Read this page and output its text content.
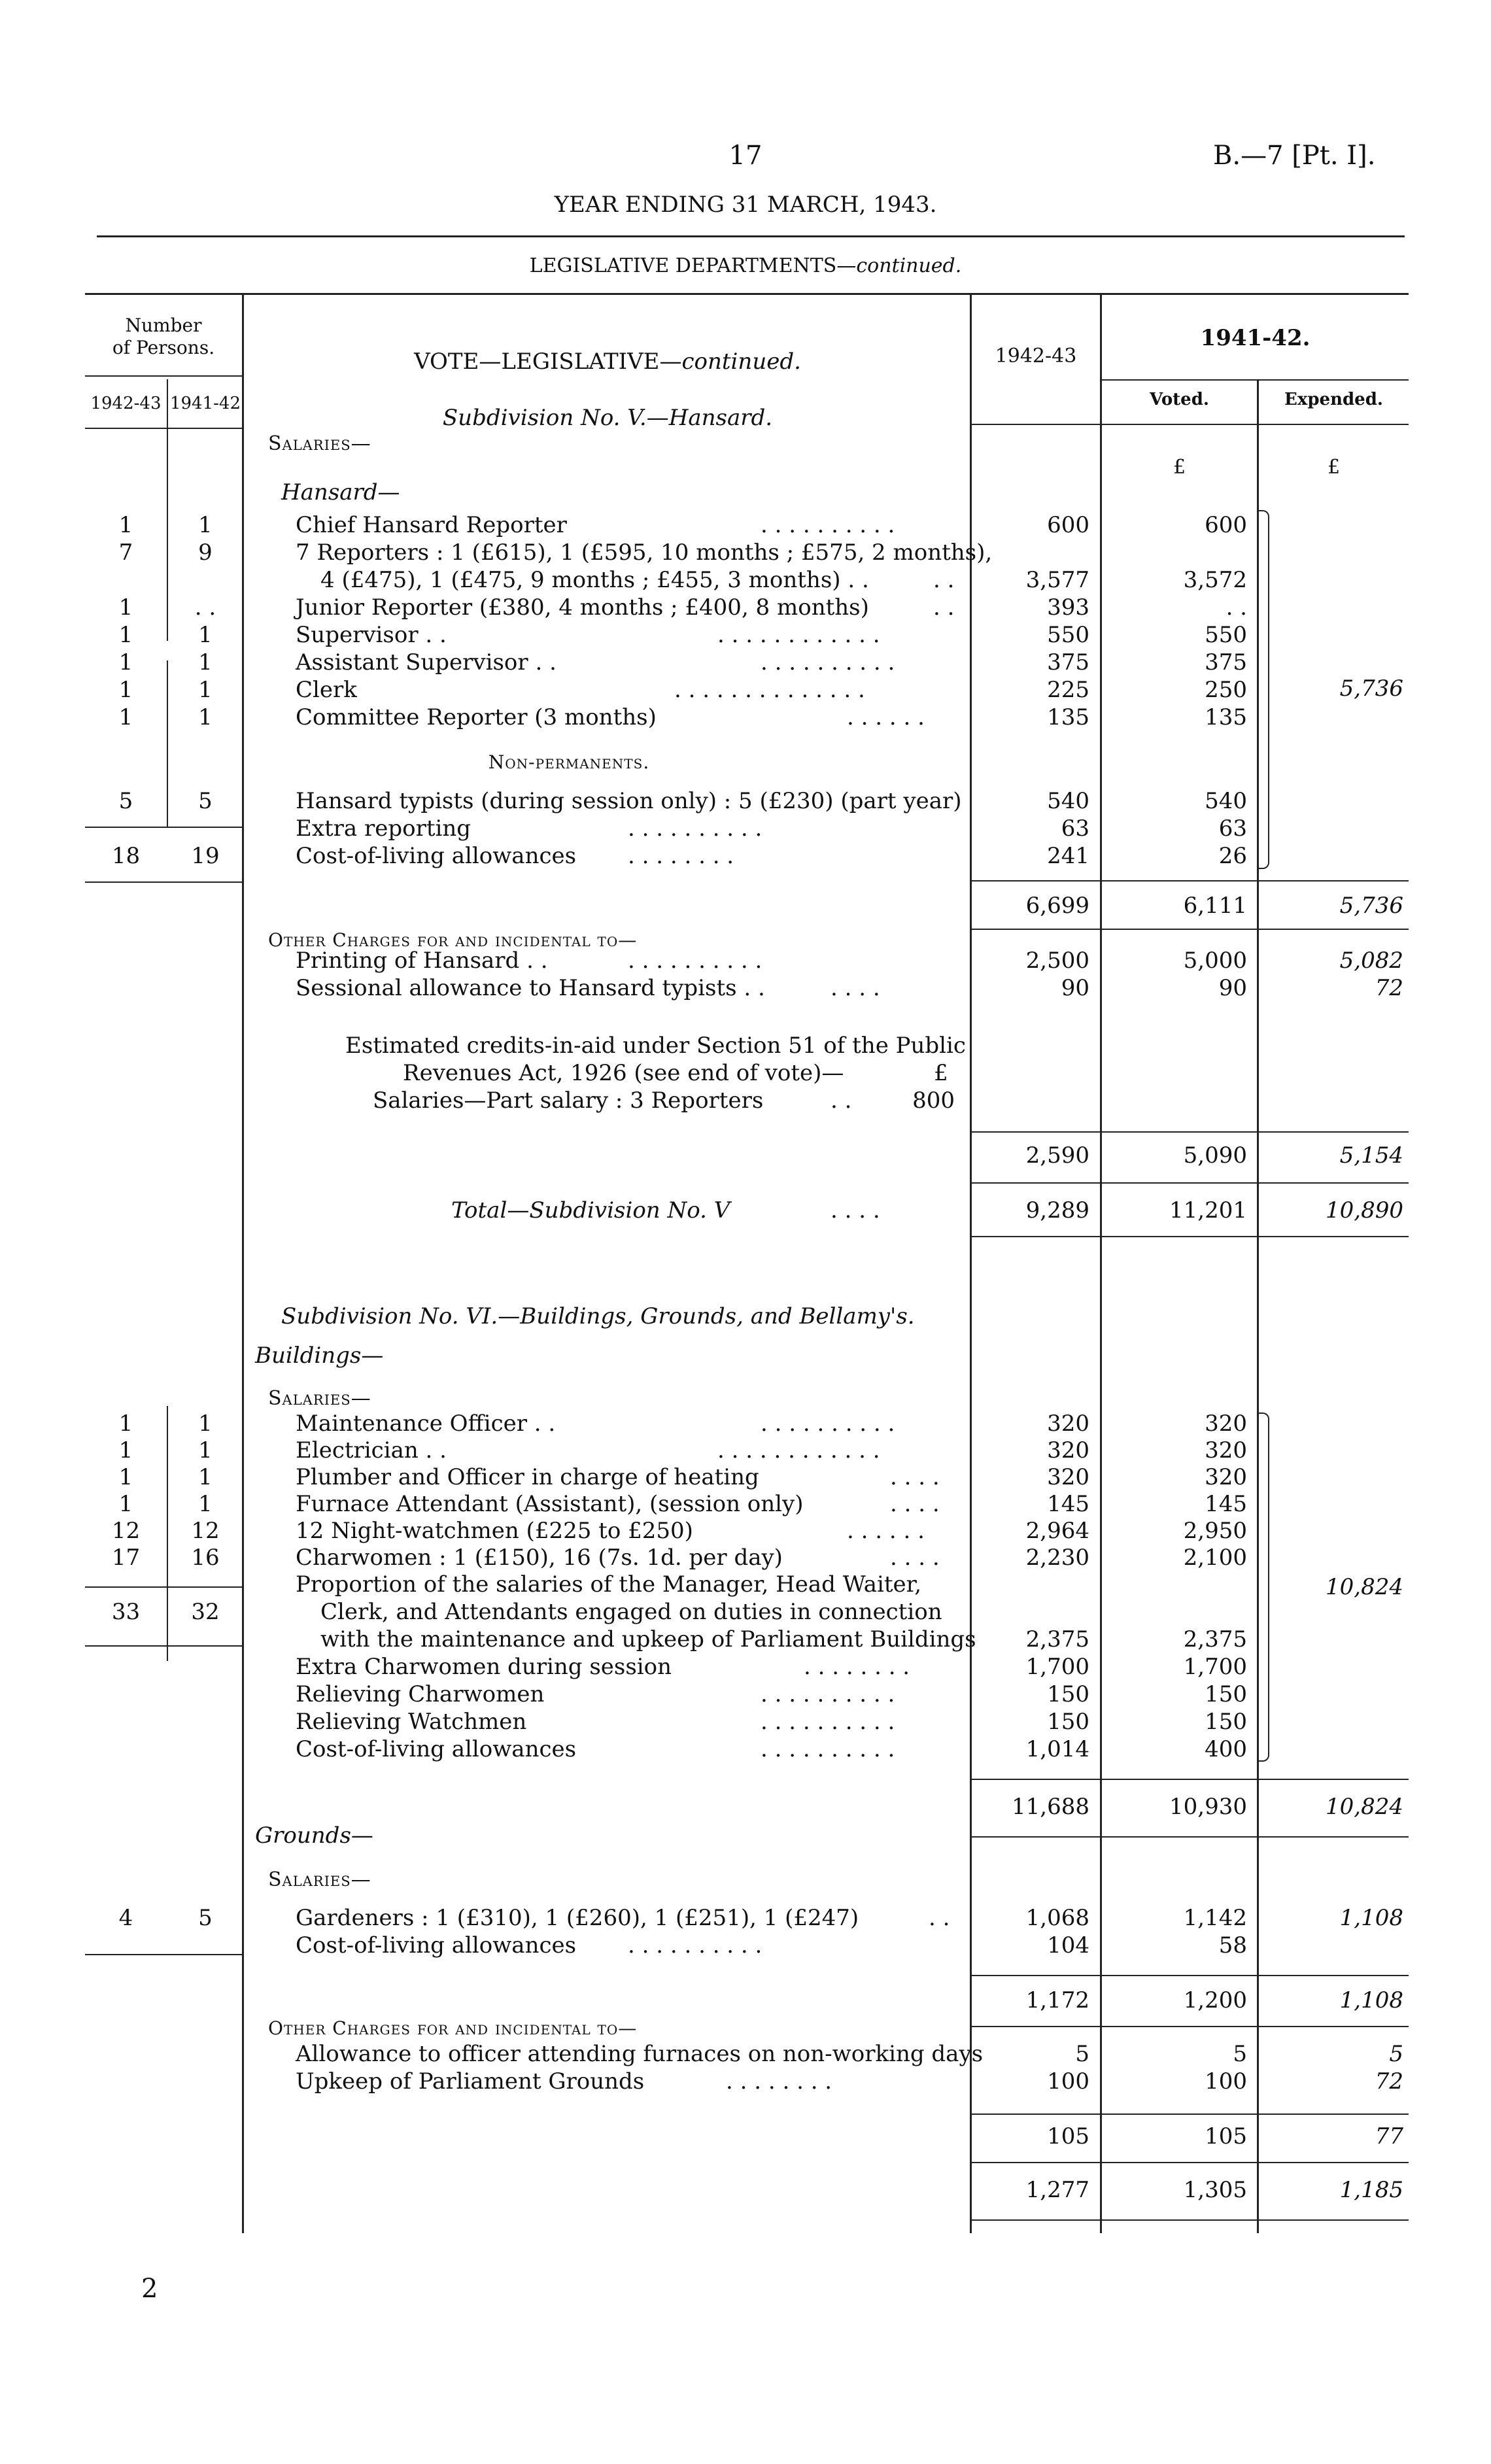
17	B.—7 [Pt. I].
YEAR ENDING 31 MARCH, 1943.
LEGISLATIVE DEPARTMENTS—continued.
Number
of Persons.
1942-43 1941-42
VOTE—LEGISLATIVE—continued.	1942-43
1941-42.
Voted.	Expended.
Subdivision No. V.—Hansard.
Salaries—
Hansard—
£	£
1	1	Chief Hansard Reporter	. . . . . . . . . .	600	600
7	9	7 Reporters : 1 (£615), 1 (£595, 10 months ; £575, 2 months),
4 (£475), 1 (£475, 9 months ; £455, 3 months) . .	. .	3,577	3,572
1	. .	Junior Reporter (£380, 4 months ; £400, 8 months)	. .	393	. .
1	1	Supervisor . .	. . . . . . . . . . . .	550	550
1	1	Assistant Supervisor . .	. . . . . . . . . .	375	375
1	1	Clerk	. . . . . . . . . . . . . .	225	250
1	1	Committee Reporter (3 months)	. . . . . .	135	135
5,736
Non-permanents.
5	5	Hansard typists (during session only) : 5 (£230) (part year)	540	540
Extra reporting	. . . . . . . . . .	63	63
18	19	Cost-of-living allowances . . . . . . . .	241	26
6,699	6,111	5,736
Other Charges for and incidental to—
Printing of Hansard . .	. . . . . . . . . .	2,500	5,000	5,082
Sessional allowance to Hansard typists . .	. . . .	90	90	72
Estimated credits-in-aid under Section 51 of the Public
Revenues Act, 1926 (see end of vote)—	£
Salaries—Part salary : 3 Reporters	. .	800
2,590	5,090	5,154
Total—Subdivision No. V	. . . .	9,289	11,201	10,890
Subdivision No. VI.—Buildings, Grounds, and Bellamy's.
Buildings—
Salaries—
1	1	Maintenance Officer . .	. . . . . . . . . .	320	320
1	1	Electrician . .	. . . . . . . . . . . .	320	320
1	1	Plumber and Officer in charge of heating	. . . .	320	320
1	1	Furnace Attendant (Assistant), (session only)	. . . .	145	145
12	12	12 Night-watchmen (£225 to £250)	. . . . . .	2,964	2,950
17	16	Charwomen : 1 (£150), 16 (7s. 1d. per day)	. . . .	2,230	2,100
Proportion of the salaries of the Manager, Head Waiter,
Clerk, and Attendants engaged on duties in connection
with the maintenance and upkeep of Parliament Buildings	2,375	2,375
33	32
Extra Charwomen during session	. . . . . . . .	1,700	1,700
Relieving Charwomen	. . . . . . . . . .	150	150
Relieving Watchmen	. . . . . . . . . .	150	150
Cost-of-living allowances	. . . . . . . . . .	1,014	400
10,824
11,688	10,930	10,824
Grounds—
Salaries—
4	5	Gardeners : 1 (£310), 1 (£260), 1 (£251), 1 (£247)	. .	1,068	1,142	1,108
Cost-of-living allowances . . . . . . . . . .	104	58
1,172	1,200	1,108
Other Charges for and incidental to—
Allowance to officer attending furnaces on non-working days	5	5	5
Upkeep of Parliament Grounds	. . . . . . . .	100	100	72
105	105	77
1,277	1,305	1,185
2
